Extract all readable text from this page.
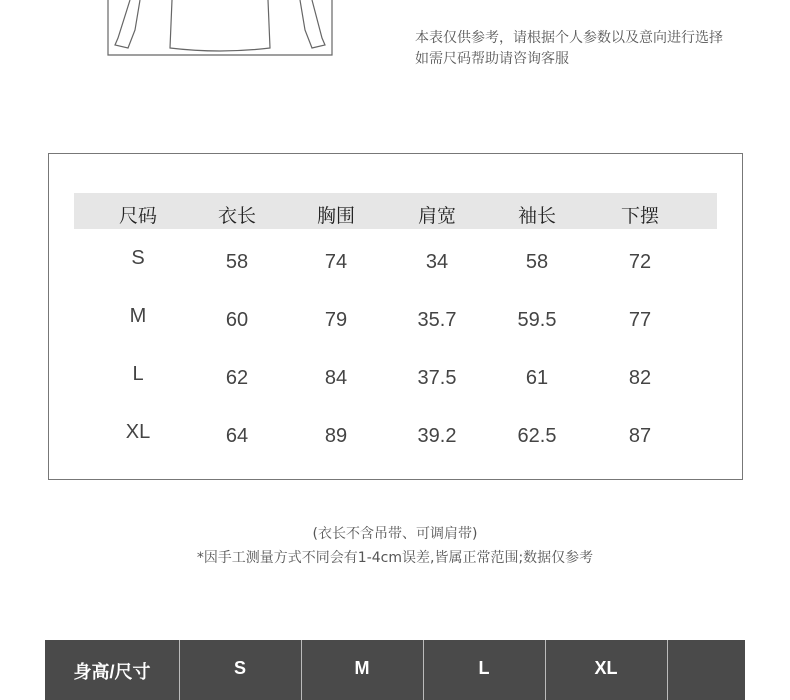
本表仅供参考，请根据个人参数以及意向进行选择
如需尺码帮助请咨询客服
尺码	衣长	胸围	肩宽	袖长	下摆
S	58	74	34	58	72
M	60	79	35.7	59.5	77
L	62	84	37.5	61	82
XL	64	89	39.2	62.5	87
(衣长不含吊带、可调肩带)
*因手工测量方式不同会有1-4cm误差,皆属正常范围;数据仅参考
身高/尺寸	S	M	L	XL
